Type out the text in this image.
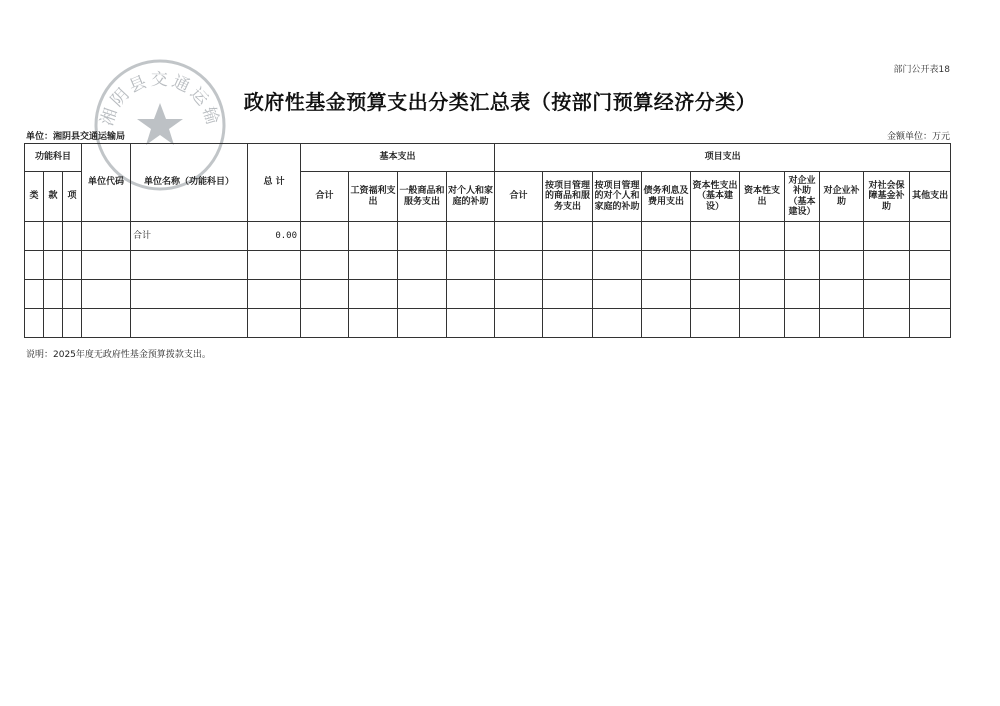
湘阴县交通运输
部门公开表18
政府性基金预算支出分类汇总表（按部门预算经济分类）
单位：湘阴县交通运输局	金额单位：万元
功能科目			单位代码	单位名称（功能科目）	总 计	基本支出				项目支出									
类	款	项				合计	工资福利支出	一般商品和服务支出	对个人和家庭的补助	合计	按项目管理的商品和服务支出	按项目管理的对个人和家庭的补助	债务利息及费用支出	资本性支出（基本建设）	资本性支出	对企业补助（基本建设）	对企业补助	对社会保障基金补助	其他支出
				合计	0.00														

说明：2025年度无政府性基金预算拨款支出。
